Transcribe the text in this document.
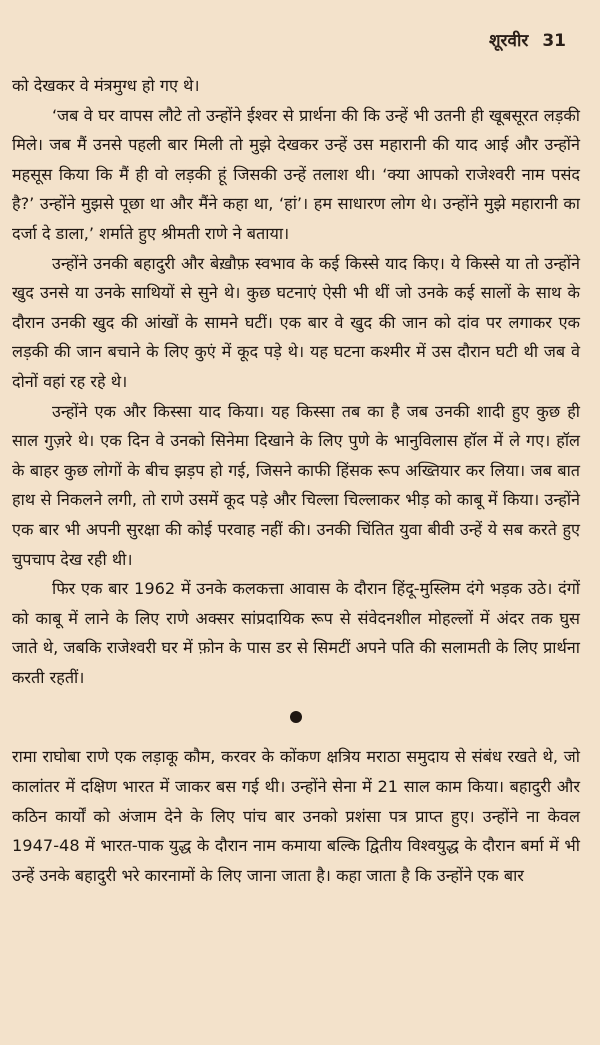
शूरवीर 31

को देखकर वे मंत्रमुग्ध हो गए थे।

‘जब वे घर वापस लौटे तो उन्होंने ईश्वर से प्रार्थना की कि उन्हें भी उतनी ही खूबसूरत लड़की मिले। जब मैं उनसे पहली बार मिली तो मुझे देखकर उन्हें उस महारानी की याद आई और उन्होंने महसूस किया कि मैं ही वो लड़की हूं जिसकी उन्हें तलाश थी। ‘क्या आपको राजेश्वरी नाम पसंद है?’ उन्होंने मुझसे पूछा था और मैंने कहा था, ‘हां’। हम साधारण लोग थे। उन्होंने मुझे महारानी का दर्जा दे डाला,’ शर्माते हुए श्रीमती राणे ने बताया।

उन्होंने उनकी बहादुरी और बेख़ौफ़ स्वभाव के कई किस्से याद किए। ये किस्से या तो उन्होंने खुद उनसे या उनके साथियों से सुने थे। कुछ घटनाएं ऐसी भी थीं जो उनके कई सालों के साथ के दौरान उनकी खुद की आंखों के सामने घटीं। एक बार वे खुद की जान को दांव पर लगाकर एक लड़की की जान बचाने के लिए कुएं में कूद पड़े थे। यह घटना कश्मीर में उस दौरान घटी थी जब वे दोनों वहां रह रहे थे।

उन्होंने एक और किस्सा याद किया। यह किस्सा तब का है जब उनकी शादी हुए कुछ ही साल गुज़रे थे। एक दिन वे उनको सिनेमा दिखाने के लिए पुणे के भानुविलास हॉल में ले गए। हॉल के बाहर कुछ लोगों के बीच झड़प हो गई, जिसने काफी हिंसक रूप अख्तियार कर लिया। जब बात हाथ से निकलने लगी, तो राणे उसमें कूद पड़े और चिल्ला चिल्लाकर भीड़ को काबू में किया। उन्होंने एक बार भी अपनी सुरक्षा की कोई परवाह नहीं की। उनकी चिंतित युवा बीवी उन्हें ये सब करते हुए चुपचाप देख रही थी।

फिर एक बार 1962 में उनके कलकत्ता आवास के दौरान हिंदू-मुस्लिम दंगे भड़क उठे। दंगों को काबू में लाने के लिए राणे अक्सर सांप्रदायिक रूप से संवेदनशील मोहल्लों में अंदर तक घुस जाते थे, जबकि राजेश्वरी घर में फ़ोन के पास डर से सिमटीं अपने पति की सलामती के लिए प्रार्थना करती रहतीं।

रामा राघोबा राणे एक लड़ाकू कौम, करवर के कोंकण क्षत्रिय मराठा समुदाय से संबंध रखते थे, जो कालांतर में दक्षिण भारत में जाकर बस गई थी। उन्होंने सेना में 21 साल काम किया। बहादुरी और कठिन कार्यों को अंजाम देने के लिए पांच बार उनको प्रशंसा पत्र प्राप्त हुए। उन्होंने ना केवल 1947-48 में भारत-पाक युद्ध के दौरान नाम कमाया बल्कि द्वितीय विश्वयुद्ध के दौरान बर्मा में भी उन्हें उनके बहादुरी भरे कारनामों के लिए जाना जाता है। कहा जाता है कि उन्होंने एक बार
